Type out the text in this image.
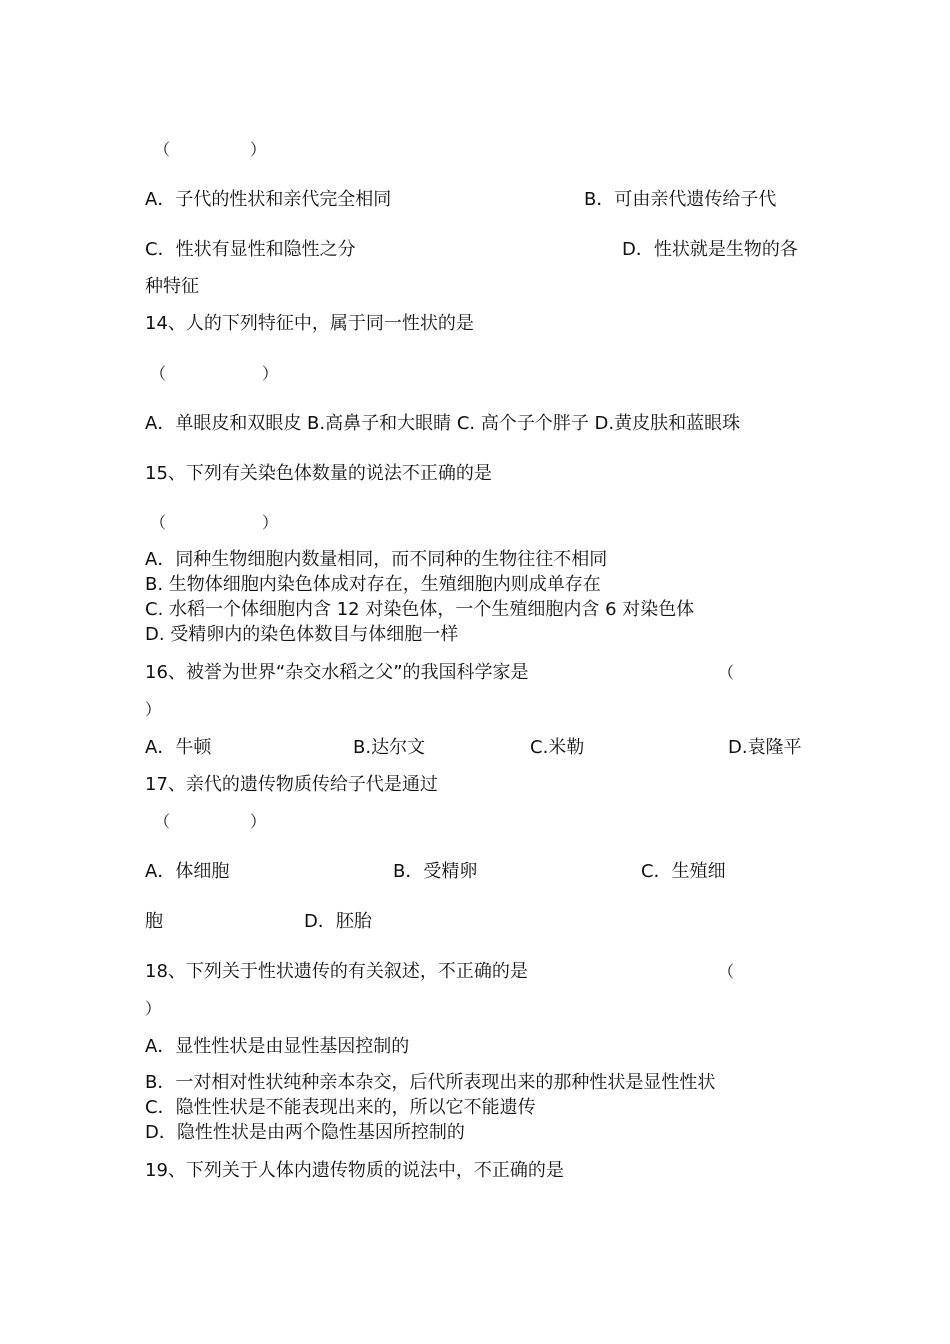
（　　　　　）
A．子代的性状和亲代完全相同	B．可由亲代遗传给子代
C．性状有显性和隐性之分	D．性状就是生物的各
种特征
14、人的下列特征中，属于同一性状的是
（　　　　　　）
A．单眼皮和双眼皮 B.高鼻子和大眼睛 C. 高个子个胖子 D.黄皮肤和蓝眼珠
15、下列有关染色体数量的说法不正确的是
（　　　　　　）
A．同种生物细胞内数量相同，而不同种的生物往往不相同
B. 生物体细胞内染色体成对存在，生殖细胞内则成单存在
C. 水稻一个体细胞内含 12 对染色体，一个生殖细胞内含 6 对染色体
D. 受精卵内的染色体数目与体细胞一样
16、被誉为世界“杂交水稻之父”的我国科学家是	（
）
A．牛顿	B.达尔文	C.米勒	D.袁隆平
17、亲代的遗传物质传给子代是通过
（　　　　　）
A．体细胞	B．受精卵	C．生殖细
胞	D．胚胎
18、下列关于性状遗传的有关叙述，不正确的是	（
）
A．显性性状是由显性基因控制的
B．一对相对性状纯种亲本杂交，后代所表现出来的那种性状是显性性状
C．隐性性状是不能表现出来的，所以它不能遗传
D．隐性性状是由两个隐性基因所控制的
19、下列关于人体内遗传物质的说法中，不正确的是
